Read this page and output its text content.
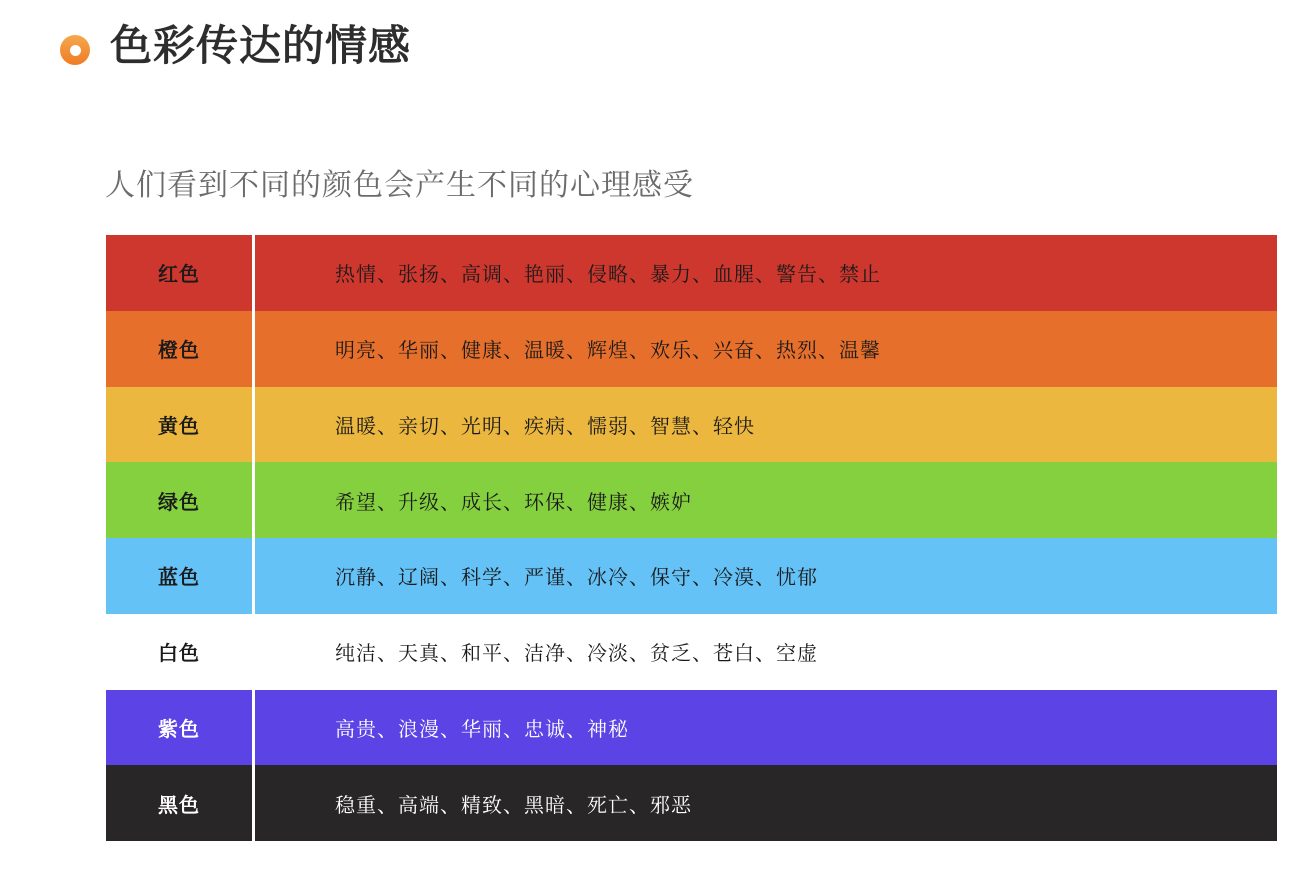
色彩传达的情感
人们看到不同的颜色会产生不同的心理感受
红色	热情、张扬、高调、艳丽、侵略、暴力、血腥、警告、禁止
橙色	明亮、华丽、健康、温暖、辉煌、欢乐、兴奋、热烈、温馨
黄色	温暖、亲切、光明、疾病、懦弱、智慧、轻快
绿色	希望、升级、成长、环保、健康、嫉妒
蓝色	沉静、辽阔、科学、严谨、冰冷、保守、冷漠、忧郁
白色	纯洁、天真、和平、洁净、冷淡、贫乏、苍白、空虚
紫色	高贵、浪漫、华丽、忠诚、神秘
黑色	稳重、高端、精致、黑暗、死亡、邪恶
